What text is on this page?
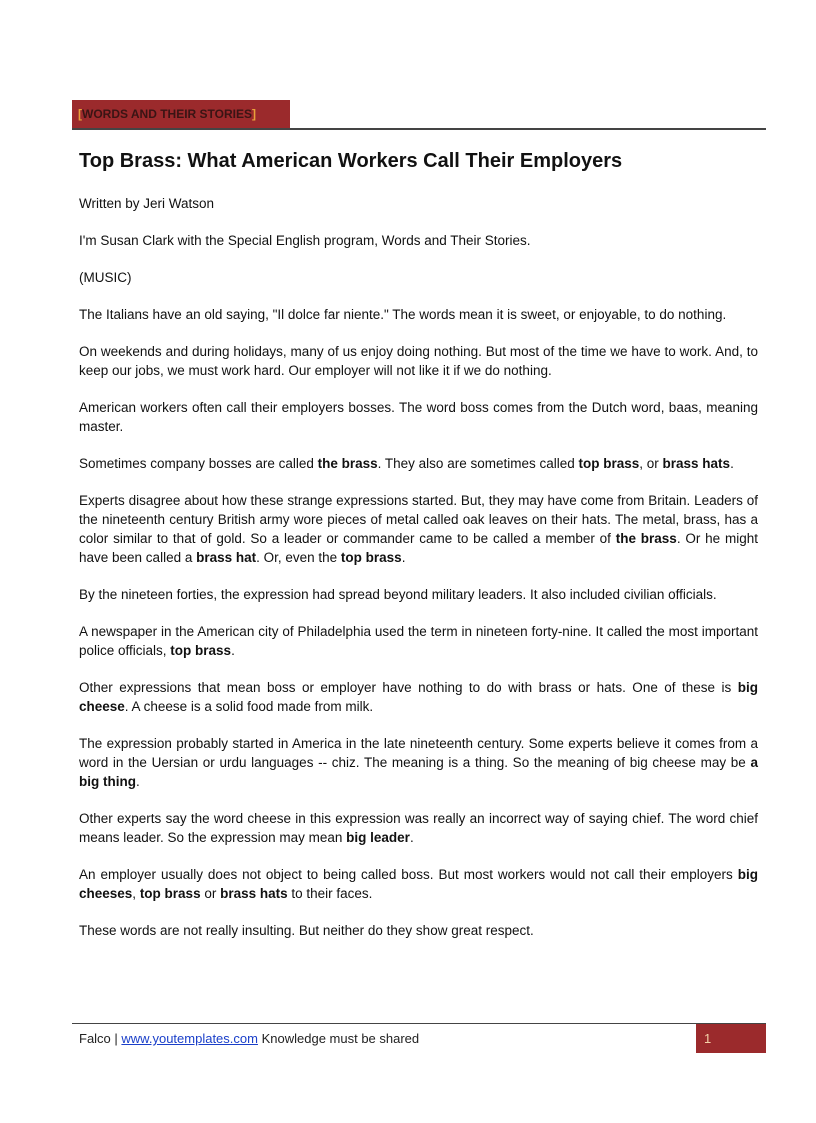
[WORDS AND THEIR STORIES]
Top Brass: What American Workers Call Their Employers

Written by Jeri Watson

I'm Susan Clark with the Special English program, Words and Their Stories.

(MUSIC)

The Italians have an old saying, "Il dolce far niente." The words mean it is sweet, or enjoyable, to do nothing.

On weekends and during holidays, many of us enjoy doing nothing. But most of the time we have to work. And, to keep our jobs, we must work hard. Our employer will not like it if we do nothing.

American workers often call their employers bosses. The word boss comes from the Dutch word, baas, meaning master.

Sometimes company bosses are called the brass. They also are sometimes called top brass, or brass hats.

Experts disagree about how these strange expressions started. But, they may have come from Britain. Leaders of the nineteenth century British army wore pieces of metal called oak leaves on their hats. The metal, brass, has a color similar to that of gold. So a leader or commander came to be called a member of the brass. Or he might have been called a brass hat. Or, even the top brass.

By the nineteen forties, the expression had spread beyond military leaders. It also included civilian officials.

A newspaper in the American city of Philadelphia used the term in nineteen forty-nine. It called the most important police officials, top brass.

Other expressions that mean boss or employer have nothing to do with brass or hats. One of these is big cheese. A cheese is a solid food made from milk.

The expression probably started in America in the late nineteenth century. Some experts believe it comes from a word in the Uersian or urdu languages -- chiz. The meaning is a thing. So the meaning of big cheese may be a big thing.

Other experts say the word cheese in this expression was really an incorrect way of saying chief. The word chief means leader. So the expression may mean big leader.

An employer usually does not object to being called boss. But most workers would not call their employers big cheeses, top brass or brass hats to their faces.

These words are not really insulting. But neither do they show great respect.

Falco | www.youtemplates.com Knowledge must be shared	1
